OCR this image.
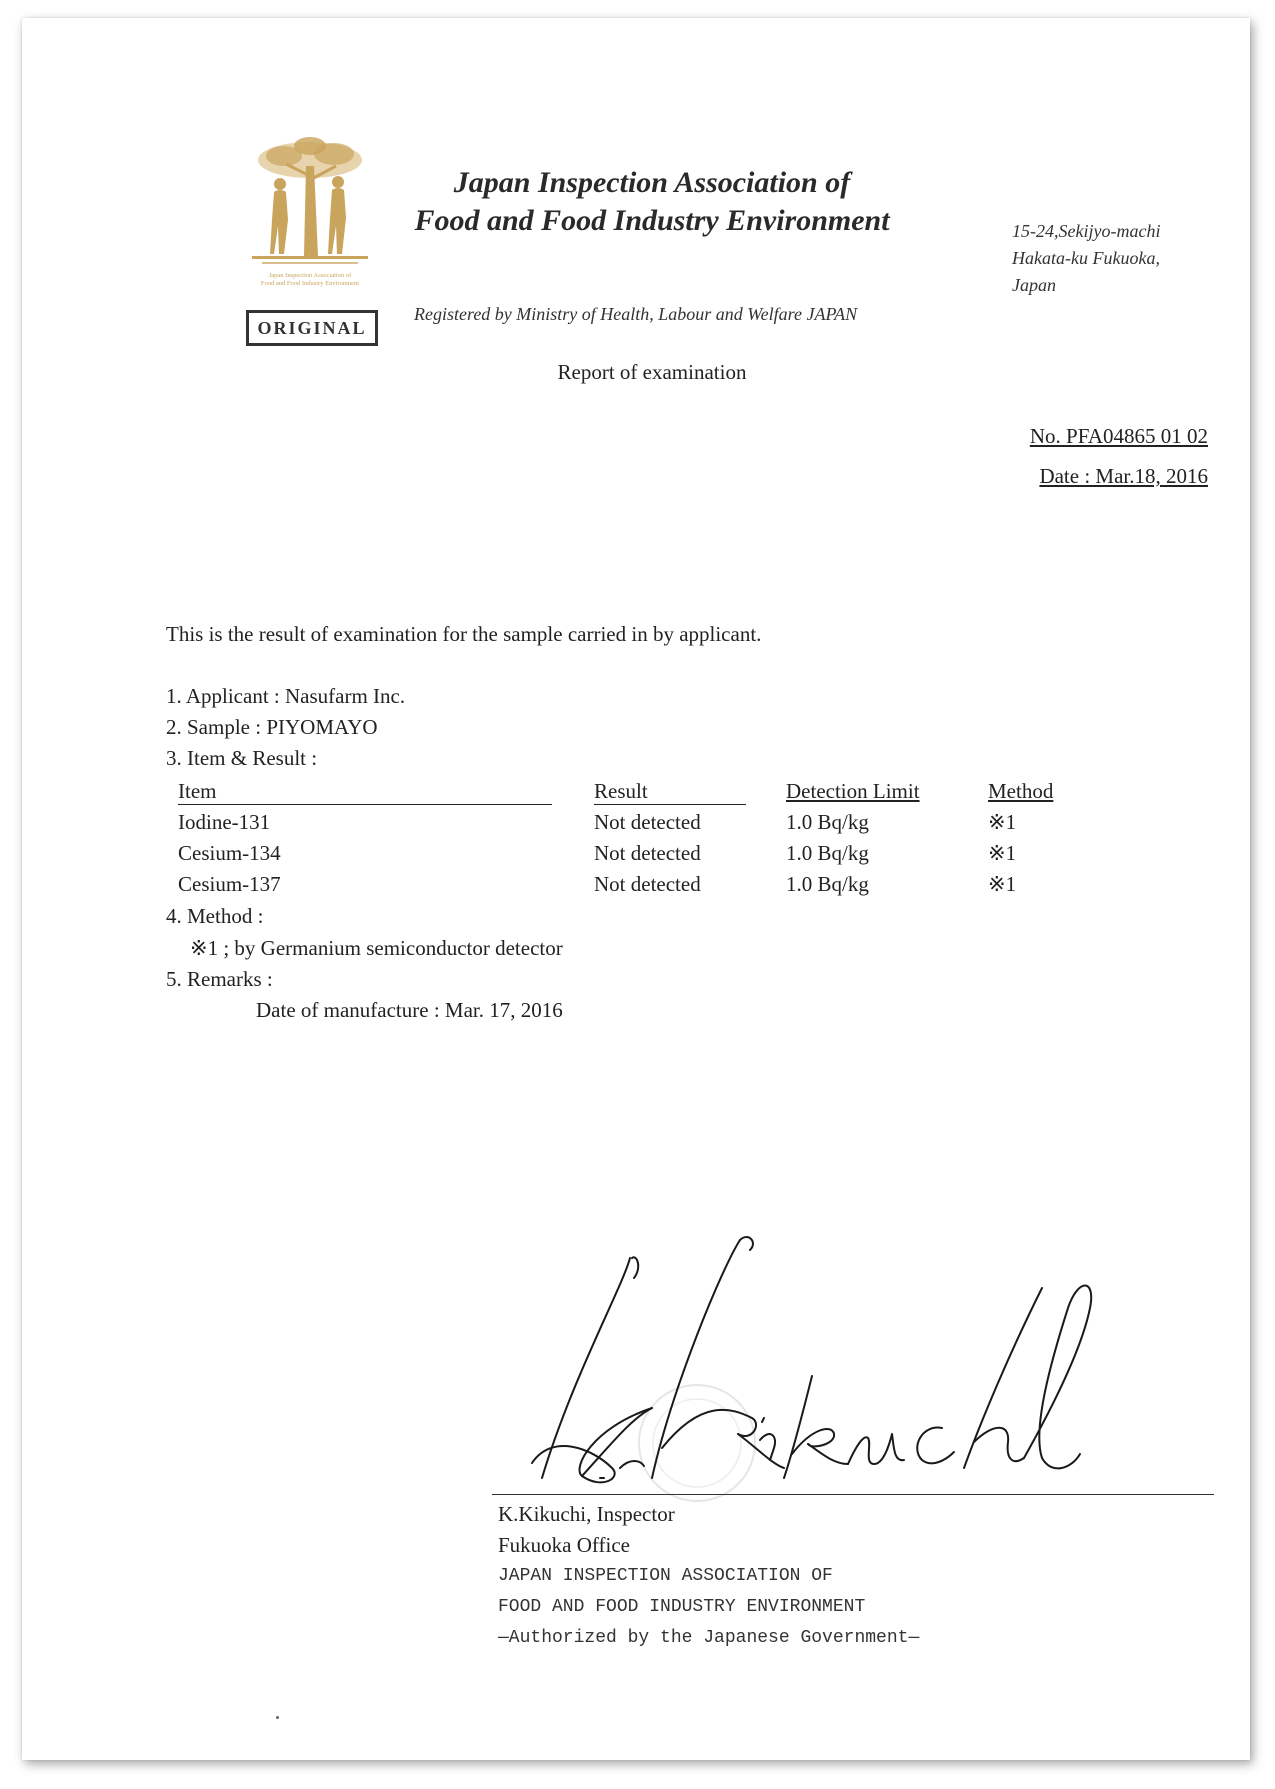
Japan Inspection Association of
Food and Food Industry Environment
Japan Inspection Association of
Food and Food Industry Environment	15-24,Sekijyo-machi
Hakata-ku Fukuoka,
Japan
ORIGINAL
Registered by Ministry of Health, Labour and Welfare JAPAN
Report of examination
No. PFA04865 01 02
Date : Mar.18, 2016
This is the result of examination for the sample carried in by applicant.
1. Applicant : Nasufarm Inc.
2. Sample : PIYOMAYO
3. Item & Result :
Item	Result	Detection Limit	Method
Iodine-131	Not detected	1.0 Bq/kg	※1
Cesium-134	Not detected	1.0 Bq/kg	※1
Cesium-137	Not detected	1.0 Bq/kg	※1
4. Method :
※1 ; by Germanium semiconductor detector
5. Remarks :
Date of manufacture : Mar. 17, 2016
K.Kikuchi, Inspector
Fukuoka Office
JAPAN INSPECTION ASSOCIATION OF
FOOD AND FOOD INDUSTRY ENVIRONMENT
—Authorized by the Japanese Government—
